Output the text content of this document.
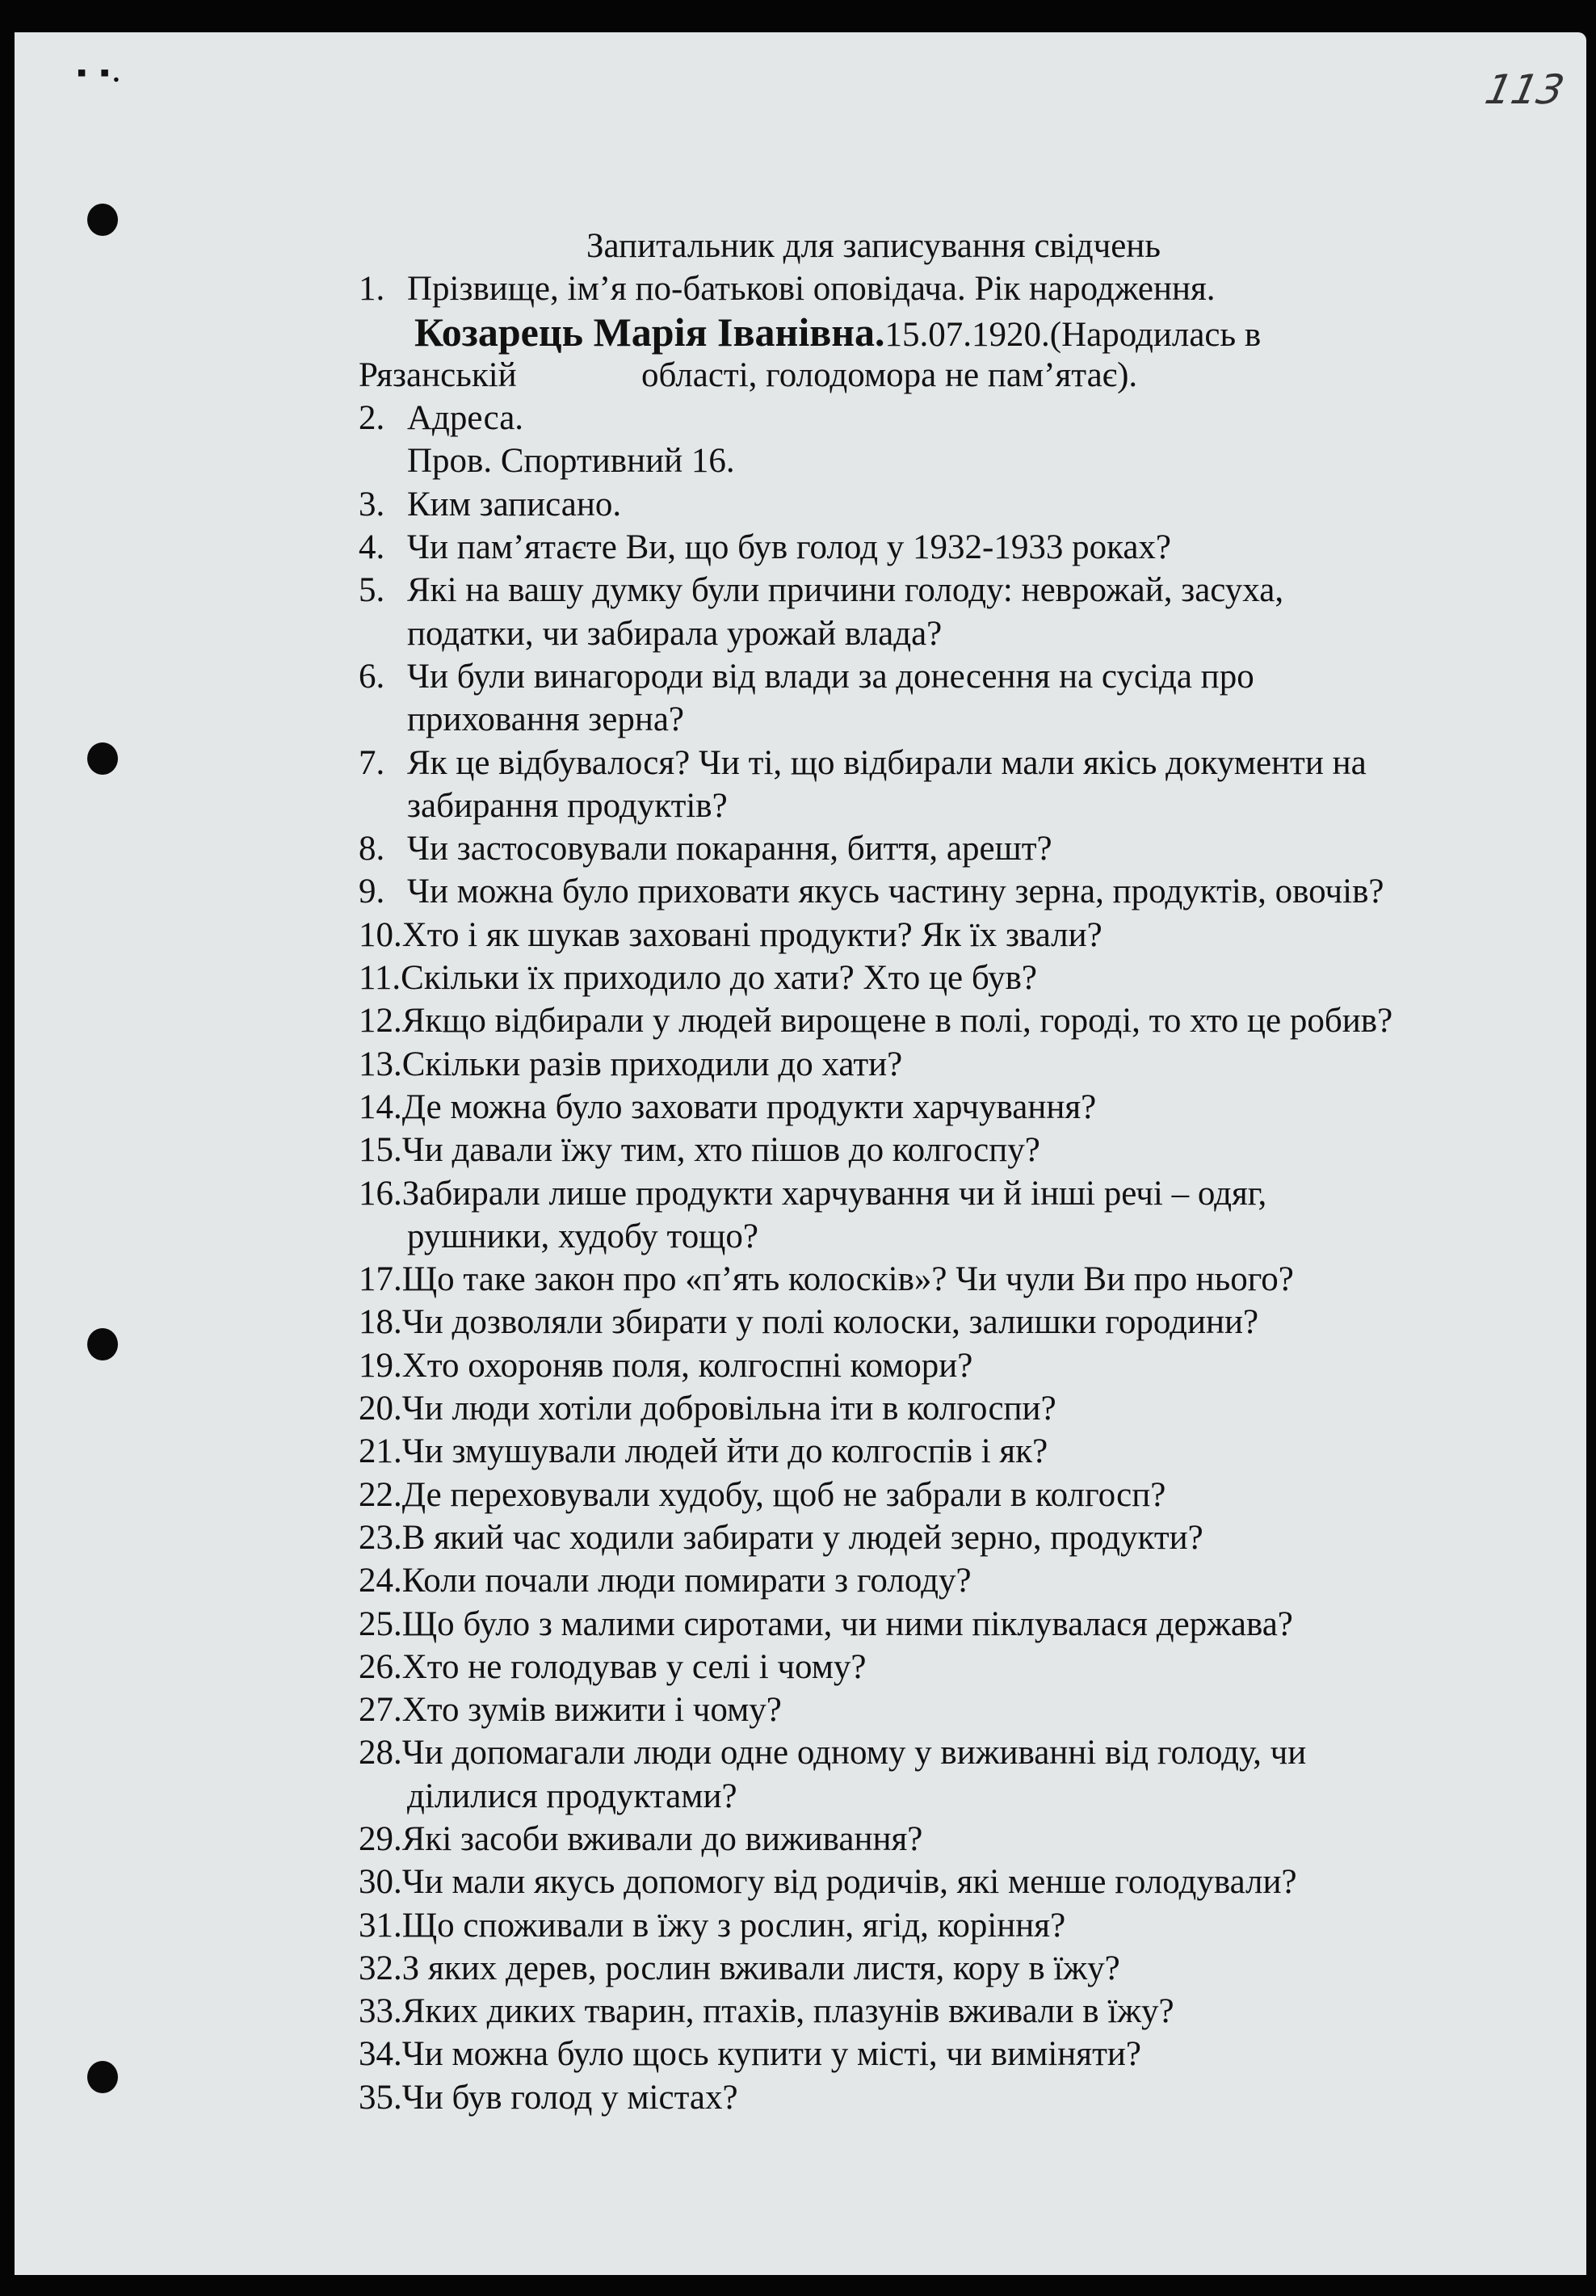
▪ ▪.	113
Запитальник для записування свідчень
1. Прізвище, ім’я по-батькові оповідача. Рік народження.
Козарець Марія Іванівна.15.07.1920.(Народилась в
Рязанській	області, голодомора не пам’ятає).
2. Адреса.
Пров. Спортивний 16.
3. Ким записано.
4. Чи пам’ятаєте Ви, що був голод у 1932-1933 роках?
5. Які на вашу думку були причини голоду: неврожай, засуха,
податки, чи забирала урожай влада?
6. Чи були винагороди від влади за донесення на сусіда про
приховання зерна?
7. Як це відбувалося? Чи ті, що відбирали мали якісь документи на
забирання продуктів?
8. Чи застосовували покарання, биття, арешт?
9. Чи можна було приховати якусь частину зерна, продуктів, овочів?
10.Хто і як шукав заховані продукти? Як їх звали?
11.Скільки їх приходило до хати? Хто це був?
12.Якщо відбирали у людей вирощене в полі, городі, то хто це робив?
13.Скільки разів приходили до хати?
14.Де можна було заховати продукти харчування?
15.Чи давали їжу тим, хто пішов до колгоспу?
16.Забирали лише продукти харчування чи й інші речі – одяг,
рушники, худобу тощо?
17.Що таке закон про «п’ять колосків»? Чи чули Ви про нього?
18.Чи дозволяли збирати у полі колоски, залишки городини?
19.Хто охороняв поля, колгоспні комори?
20.Чи люди хотіли добровільна іти в колгоспи?
21.Чи змушували людей йти до колгоспів і як?
22.Де переховували худобу, щоб не забрали в колгосп?
23.В який час ходили забирати у людей зерно, продукти?
24.Коли почали люди помирати з голоду?
25.Що було з малими сиротами, чи ними піклувалася держава?
26.Хто не голодував у селі і чому?
27.Хто зумів вижити і чому?
28.Чи допомагали люди одне одному у виживанні від голоду, чи
ділилися продуктами?
29.Які засоби вживали до виживання?
30.Чи мали якусь допомогу від родичів, які менше голодували?
31.Що споживали в їжу з рослин, ягід, коріння?
32.З яких дерев, рослин вживали листя, кору в їжу?
33.Яких диких тварин, птахів, плазунів вживали в їжу?
34.Чи можна було щось купити у місті, чи виміняти?
35.Чи був голод у містах?
